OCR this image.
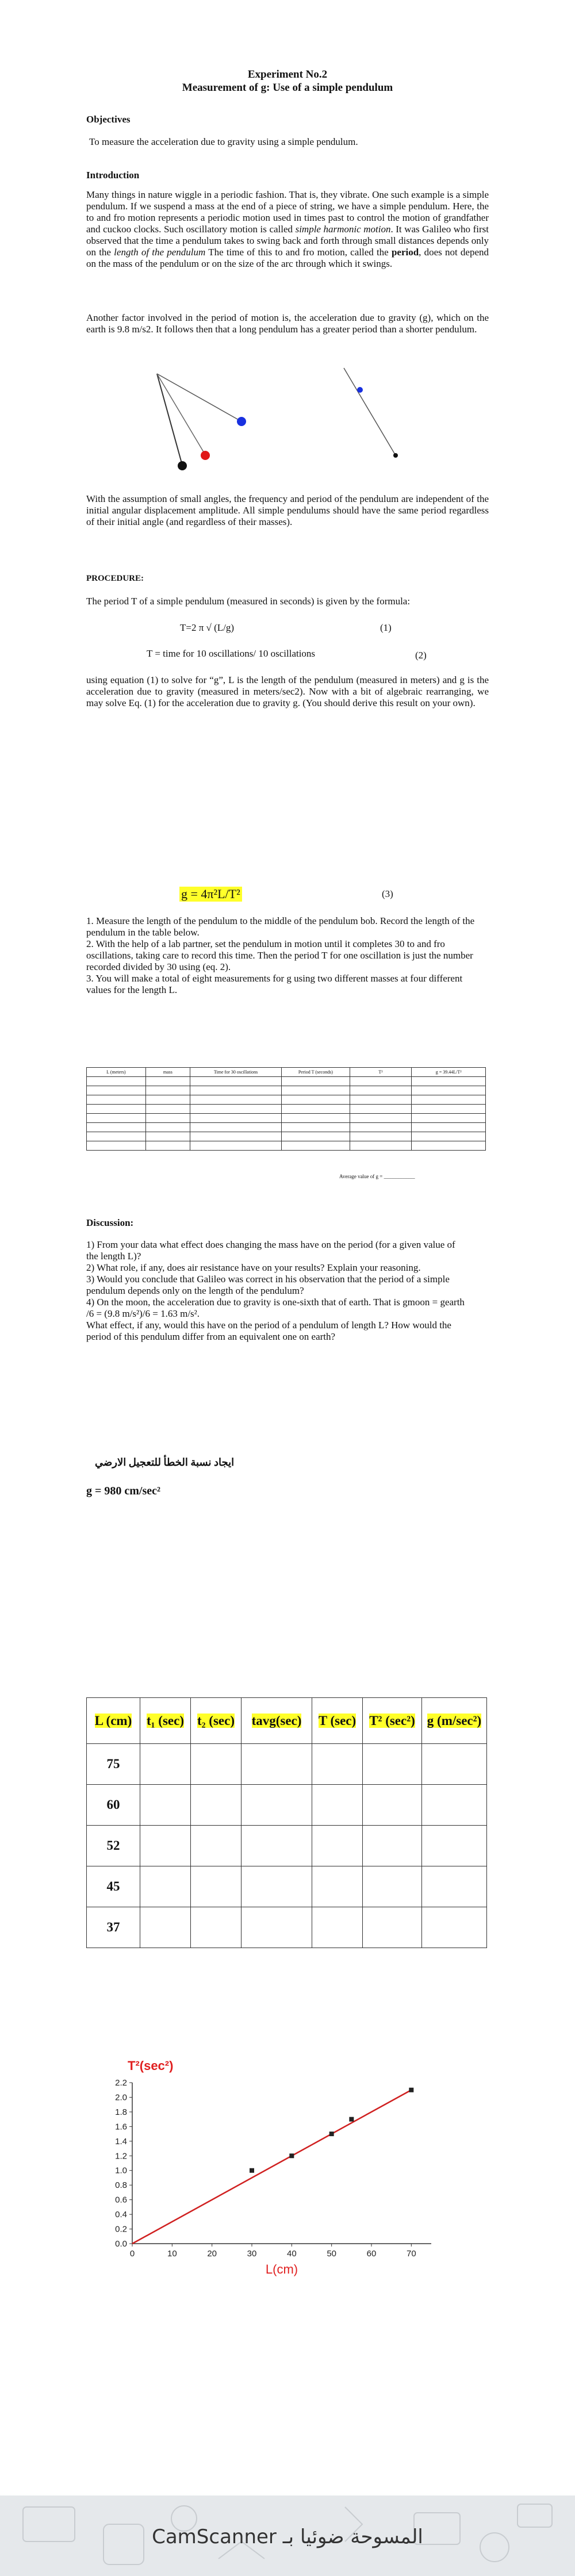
Experiment No.2
Measurement of g: Use of a simple pendulum
Objectives
To measure the acceleration due to gravity using a simple pendulum.
Introduction
Many things in nature wiggle in a periodic fashion. That is, they vibrate. One such example is a simple pendulum. If we suspend a mass at the end of a piece of string, we have a simple pendulum. Here, the to and fro motion represents a periodic motion used in times past to control the motion of grandfather and cuckoo clocks. Such oscillatory motion is called simple harmonic motion. It was Galileo who first observed that the time a pendulum takes to swing back and forth through small distances depends only on the length of the pendulum The time of this to and fro motion, called the period, does not depend on the mass of the pendulum or on the size of the arc through which it swings.
Another factor involved in the period of motion is, the acceleration due to gravity (g), which on the earth is 9.8 m/s2. It follows then that a long pendulum has a greater period than a shorter pendulum.
With the assumption of small angles, the frequency and period of the pendulum are independent of the initial angular displacement amplitude. All simple pendulums should have the same period regardless of their initial angle (and regardless of their masses).
PROCEDURE:
The period T of a simple pendulum (measured in seconds) is given by the formula:
T=2 π √ (L/g)	(1)
T = time for 10 oscillations/ 10 oscillations	(2)
using equation (1) to solve for “g”, L is the length of the pendulum (measured in meters) and g is the acceleration due to gravity (measured in meters/sec2). Now with a bit of algebraic rearranging, we may solve Eq. (1) for the acceleration due to gravity g. (You should derive this result on your own).
g = 4π²L/T²	(3)
1. Measure the length of the pendulum to the middle of the pendulum bob. Record the length of the pendulum in the table below.
2. With the help of a lab partner, set the pendulum in motion until it completes 30 to and fro oscillations, taking care to record this time. Then the period T for one oscillation is just the number recorded divided by 30 using (eq. 2).
3. You will make a total of eight measurements for g using two different masses at four different values for the length L.
L (meters)	mass	Time for 30 oscillations	Period T (seconds)	T²	g = 39.44L/T²

Average value of g = ____________
Discussion:
1) From your data what effect does changing the mass have on the period (for a given value of the length L)?
2) What role, if any, does air resistance have on your results? Explain your reasoning.
3) Would you conclude that Galileo was correct in his observation that the period of a simple pendulum depends only on the length of the pendulum?
4) On the moon, the acceleration due to gravity is one-sixth that of earth. That is gmoon = gearth /6 = (9.8 m/s²)/6 = 1.63 m/s².
What effect, if any, would this have on the period of a pendulum of length L? How would the period of this pendulum differ from an equivalent one on earth?
ايجاد نسبة الخطأ للتعجيل الارضي
g = 980 cm/sec²
L (cm)	t₁ (sec)	t₂ (sec)	tavg(sec)	T (sec)	T² (sec²)	g (m/sec²)
75						
60						
52						
45						
37						
0	10	20	30	40	50	60	70
0.0
0.2
0.4
0.6
0.8
1.0
1.2
1.4
1.6
1.8
2.0
2.2
T²(sec²)
L(cm)
CamScanner المسوحة ضوئيا بـ
